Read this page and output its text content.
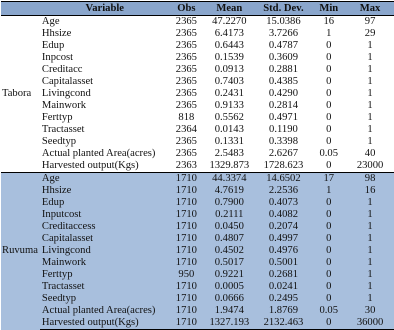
	Variable	Obs	Mean	Std. Dev.	Min	Max
Tabora	Age	2365	47.2270	15.0386	16	97
	Hhsize	2365	6.4173	3.7266	1	29
	Edup	2365	0.6443	0.4787	0	1
	Inpcost	2365	0.1539	0.3609	0	1
	Creditacc	2365	0.0913	0.2881	0	1
	Capitalasset	2365	0.7403	0.4385	0	1
	Livingcond	2365	0.2431	0.4290	0	1
	Mainwork	2365	0.9133	0.2814	0	1
	Ferttyp	818	0.5562	0.4971	0	1
	Tractasset	2364	0.0143	0.1190	0	1
	Seedtyp	2365	0.1331	0.3398	0	1
	Actual planted Area(acres)	2365	2.5483	2.6267	0.05	40
	Harvested output(Kgs)	2363	1329.873	1728.623	0	23000
Ruvuma	Age	1710	44.3374	14.6502	17	98
	Hhsize	1710	4.7619	2.2536	1	16
	Edup	1710	0.7900	0.4073	0	1
	Inputcost	1710	0.2111	0.4082	0	1
	Creditaccess	1710	0.0450	0.2074	0	1
	Capitalasset	1710	0.4807	0.4997	0	1
	Livingcond	1710	0.4502	0.4976	0	1
	Mainwork	1710	0.5017	0.5001	0	1
	Ferttyp	950	0.9221	0.2681	0	1
	Tractasset	1710	0.0005	0.0241	0	1
	Seedtyp	1710	0.0666	0.2495	0	1
	Actual planted Area(acres)	1710	1.9474	1.8769	0.05	30
	Harvested output(Kgs)	1710	1327.193	2132.463	0	36000
